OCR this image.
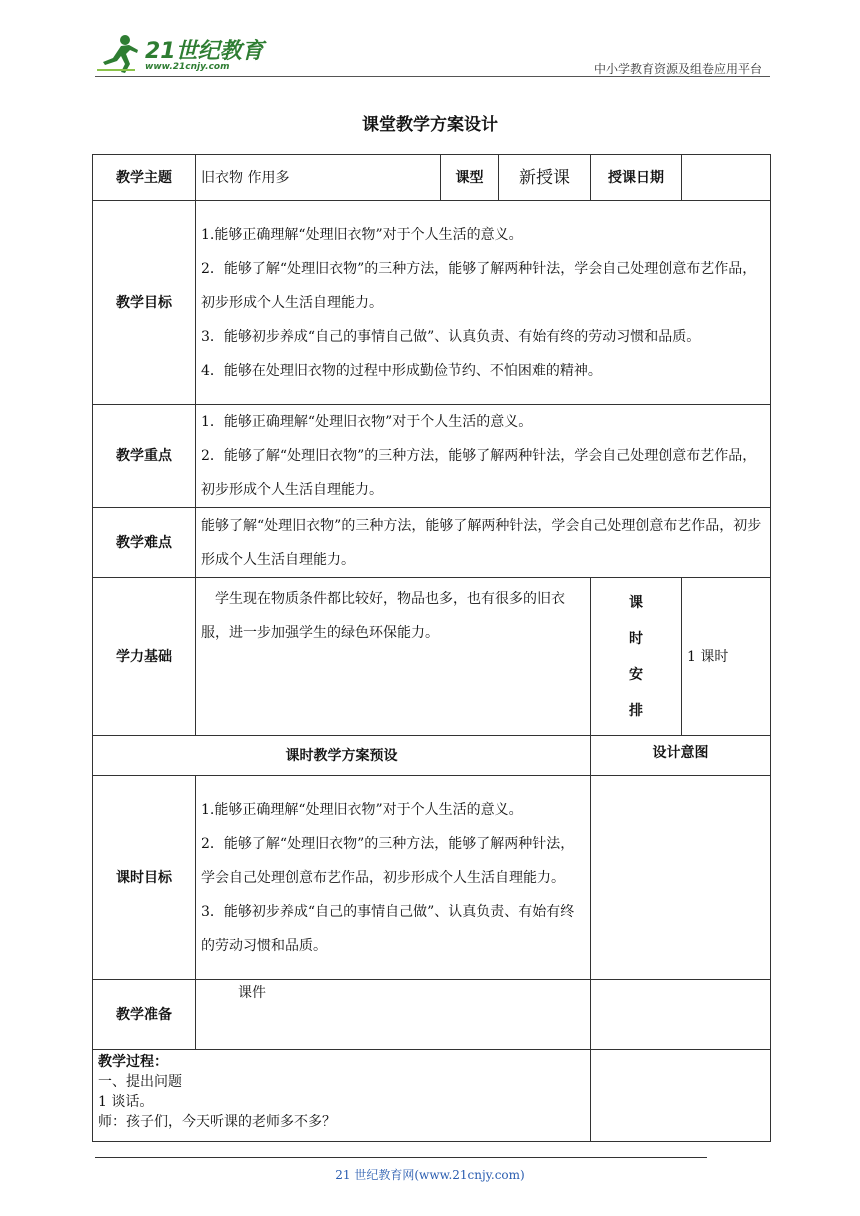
21世纪教育
www.21cnjy.com	中小学教育资源及组卷应用平台
课堂教学方案设计
教学主题	旧衣物 作用多	课型	新授课	授课日期	
教学目标	1.能够正确理解“处理旧衣物”对于个人生活的意义。
2．能够了解“处理旧衣物”的三种方法，能够了解两种针法，学会自己处理创意布艺作品，初步形成个人生活自理能力。
3．能够初步养成“自己的事情自己做”、认真负责、有始有终的劳动习惯和品质。
4．能够在处理旧衣物的过程中形成勤俭节约、不怕困难的精神。				

教学重点	1．能够正确理解“处理旧衣物”对于个人生活的意义。
2．能够了解“处理旧衣物”的三种方法，能够了解两种针法，学会自己处理创意布艺作品，初步形成个人生活自理能力。				

教学难点	能够了解“处理旧衣物”的三种方法，能够了解两种针法，学会自己处理创意布艺作品，初步形成个人生活自理能力。				
学力基础	学生现在物质条件都比较好，物品也多，也有很多的旧衣服，进一步加强学生的绿色环保能力。			课
时
安
排	1 课时
课时教学方案预设				设计意图	
课时目标	1.能够正确理解“处理旧衣物”对于个人生活的意义。
2．能够了解“处理旧衣物”的三种方法，能够了解两种针法，学会自己处理创意布艺作品，初步形成个人生活自理能力。
3．能够初步养成“自己的事情自己做”、认真负责、有始有终的劳动习惯和品质。				

教学准备	课件				

教学过程：
一、提出问题
1 谈话。
师：孩子们，今天听课的老师多不多？					

21 世纪教育网(www.21cnjy.com)
